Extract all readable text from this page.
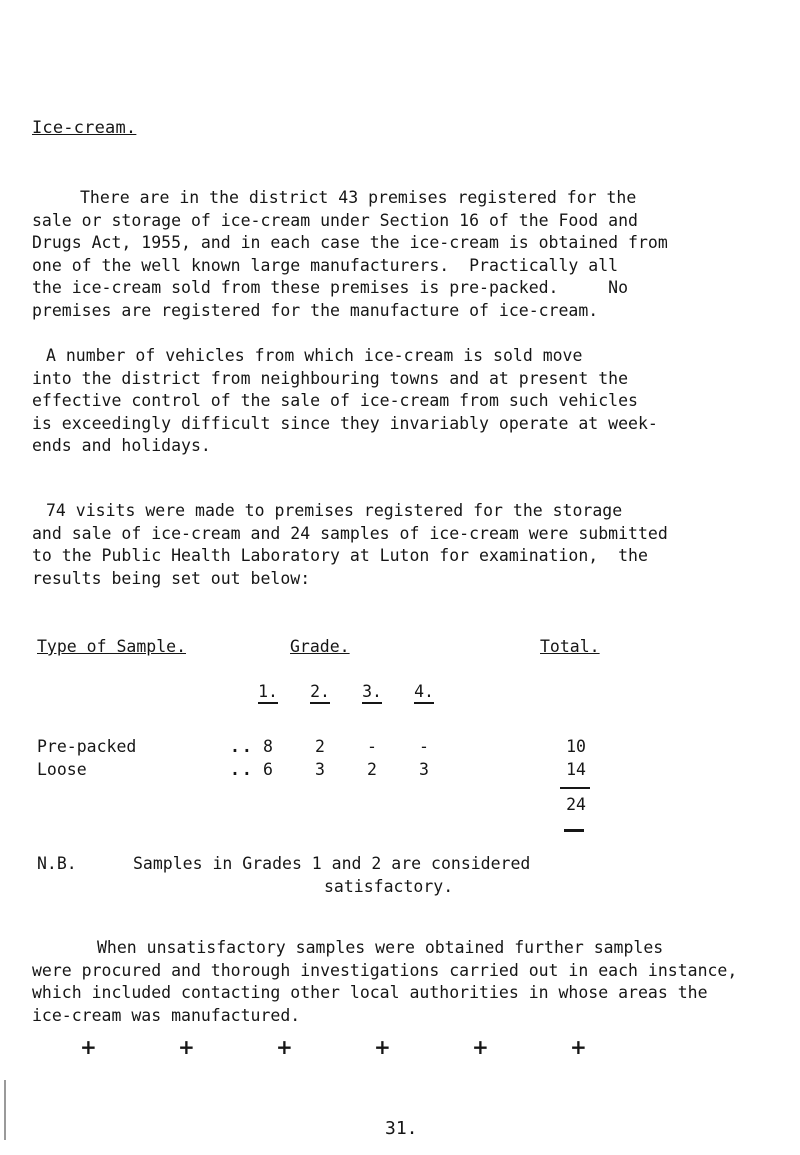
Ice-cream.
There are in the district 43 premises registered for the
sale or storage of ice-cream under Section 16 of the Food and
Drugs Act, 1955, and in each case the ice-cream is obtained from
one of the well known large manufacturers.  Practically all
the ice-cream sold from these premises is pre-packed.     No
premises are registered for the manufacture of ice-cream.
A number of vehicles from which ice-cream is sold move
into the district from neighbouring towns and at present the
effective control of the sale of ice-cream from such vehicles
is exceedingly difficult since they invariably operate at week-
ends and holidays.
74 visits were made to premises registered for the storage
and sale of ice-cream and 24 samples of ice-cream were submitted
to the Public Health Laboratory at Luton for examination,  the
results being set out below:
Type of Sample.	Grade.	Total.
1. 2. 3. 4.
Pre-packed	.. 8	2	-	-	10
Loose	.. 6	3	2	3	14
24
N.B.	Samples in Grades 1 and 2 are considered
satisfactory.
When unsatisfactory samples were obtained further samples
were procured and thorough investigations carried out in each instance,
which included contacting other local authorities in whose areas the
ice-cream was manufactured.
+	+	+	+	+	+
31.
